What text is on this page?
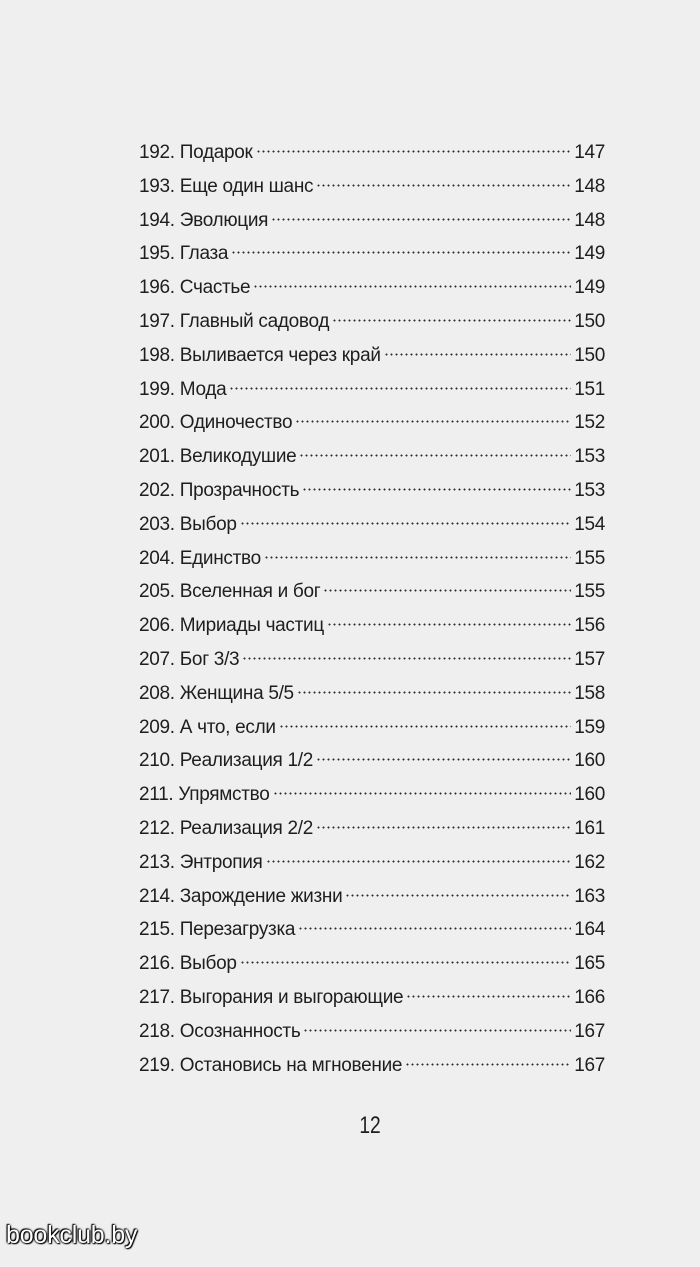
192. Подарок	147
193. Еще один шанс	148
194. Эволюция	148
195. Глаза	149
196. Счастье	149
197. Главный садовод	150
198. Выливается через край	150
199. Мода	151
200. Одиночество	152
201. Великодушие	153
202. Прозрачность	153
203. Выбор	154
204. Единство	155
205. Вселенная и бог	155
206. Мириады частиц	156
207. Бог 3/3	157
208. Женщина 5/5	158
209. А что, если	159
210. Реализация 1/2	160
211. Упрямство	160
212. Реализация 2/2	161
213. Энтропия	162
214. Зарождение жизни	163
215. Перезагрузка	164
216. Выбор	165
217. Выгорания и выгорающие	166
218. Осознанность	167
219. Остановись на мгновение	167
12
bookclub.by
